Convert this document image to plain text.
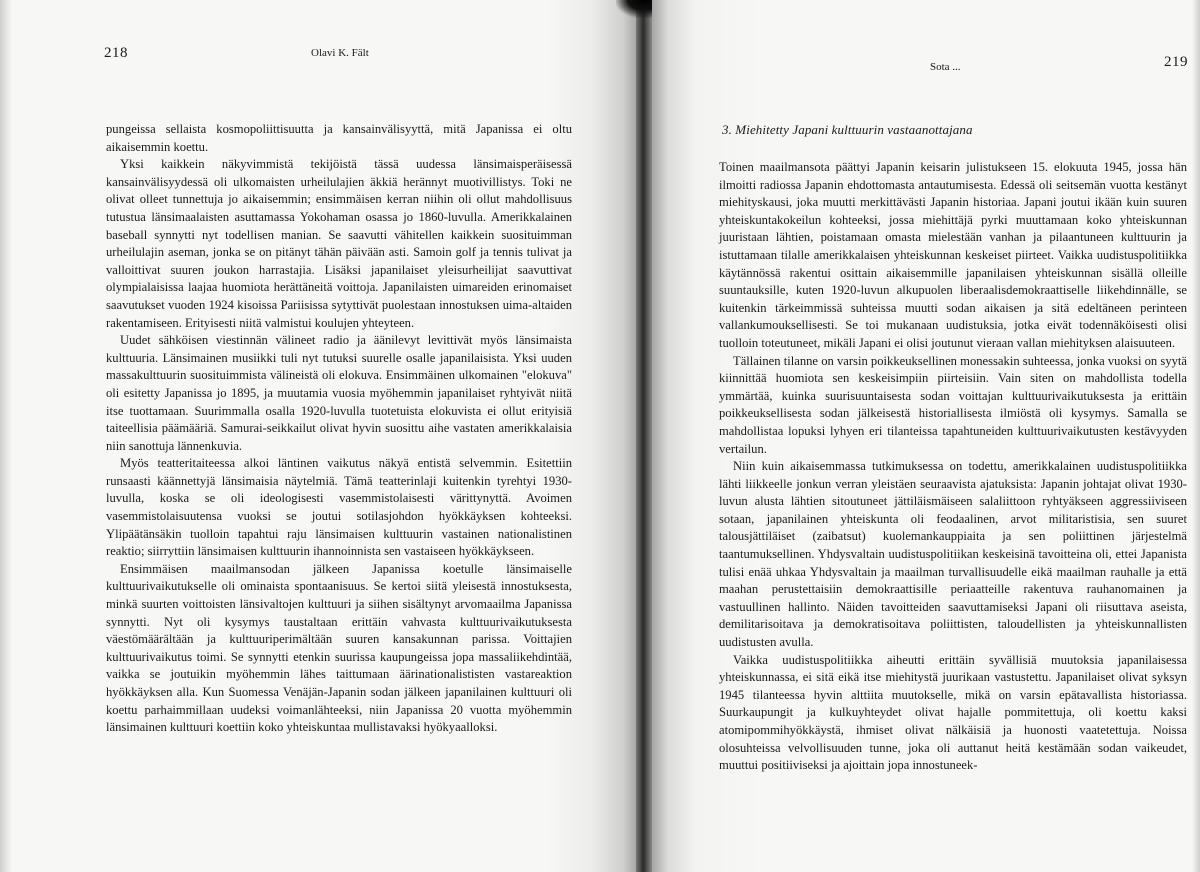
218	Olavi K. Fält

pungeissa sellaista kosmopoliittisuutta ja kansainvälisyyttä, mitä Japanissa ei oltu aikaisemmin koettu.

Yksi kaikkein näkyvimmistä tekijöistä tässä uudessa länsimaisperäisessä kansainvälisyydessä oli ulkomaisten urheilulajien äkkiä herännyt muotivillistys. Toki ne olivat olleet tunnettuja jo aikaisemmin; ensimmäisen kerran niihin oli ollut mahdollisuus tutustua länsimaalaisten asuttamassa Yokohaman osassa jo 1860-luvulla. Amerikkalainen baseball synnytti nyt todellisen manian. Se saavutti vähitellen kaikkein suosituimman urheilulajin aseman, jonka se on pitänyt tähän päivään asti. Samoin golf ja tennis tulivat ja valloittivat suuren joukon harrastajia. Lisäksi japanilaiset yleisurheilijat saavuttivat olympialaisissa laajaa huomiota herättäneitä voittoja. Japanilaisten uimareiden erinomaiset saavutukset vuoden 1924 kisoissa Pariisissa sytyttivät puolestaan innostuksen uima-altaiden rakentamiseen. Erityisesti niitä valmistui koulujen yhteyteen.

Uudet sähköisen viestinnän välineet radio ja äänilevyt levittivät myös länsimaista kulttuuria. Länsimainen musiikki tuli nyt tutuksi suurelle osalle japanilaisista. Yksi uuden massakulttuurin suosituimmista välineistä oli elokuva. Ensimmäinen ulkomainen "elokuva" oli esitetty Japanissa jo 1895, ja muutamia vuosia myöhemmin japanilaiset ryhtyivät niitä itse tuottamaan. Suurimmalla osalla 1920-luvulla tuotetuista elokuvista ei ollut erityisiä taiteellisia päämääriä. Samurai-seikkailut olivat hyvin suosittu aihe vastaten amerikkalaisia niin sanottuja lännenkuvia.

Myös teatteritaiteessa alkoi läntinen vaikutus näkyä entistä selvemmin. Esitettiin runsaasti käännettyjä länsimaisia näytelmiä. Tämä teatterinlaji kuitenkin tyrehtyi 1930-luvulla, koska se oli ideologisesti vasemmistolaisesti värittynyttä. Avoimen vasemmistolaisuutensa vuoksi se joutui sotilasjohdon hyökkäyksen kohteeksi. Ylipäätänsäkin tuolloin tapahtui raju länsimaisen kulttuurin vastainen nationalistinen reaktio; siirryttiin länsimaisen kulttuurin ihannoinnista sen vastaiseen hyökkäykseen.

Ensimmäisen maailmansodan jälkeen Japanissa koetulle länsimaiselle kulttuurivaikutukselle oli ominaista spontaanisuus. Se kertoi siitä yleisestä innostuksesta, minkä suurten voittoisten länsivaltojen kulttuuri ja siihen sisältynyt arvomaailma Japanissa synnytti. Nyt oli kysymys taustaltaan erittäin vahvasta kulttuurivaikutuksesta väestömäärältään ja kulttuuriperimältään suuren kansakunnan parissa. Voittajien kulttuurivaikutus toimi. Se synnytti etenkin suurissa kaupungeissa jopa massaliikehdintää, vaikka se joutuikin myöhemmin lähes taittumaan äärinationalististen vastareaktion hyökkäyksen alla. Kun Suomessa Venäjän-Japanin sodan jälkeen japanilainen kulttuuri oli koettu parhaimmillaan uudeksi voimanlähteeksi, niin Japanissa 20 vuotta myöhemmin länsimainen kulttuuri koettiin koko yhteiskuntaa mullistavaksi hyökyaalloksi.

Sota ...	219
3. Miehitetty Japani kulttuurin vastaanottajana

Toinen maailmansota päättyi Japanin keisarin julistukseen 15. elokuuta 1945, jossa hän ilmoitti radiossa Japanin ehdottomasta antautumisesta. Edessä oli seitsemän vuotta kestänyt miehityskausi, joka muutti merkittävästi Japanin historiaa. Japani joutui ikään kuin suuren yhteiskuntakokeilun kohteeksi, jossa miehittäjä pyrki muuttamaan koko yhteiskunnan juuristaan lähtien, poistamaan omasta mielestään vanhan ja pilaantuneen kulttuurin ja istuttamaan tilalle amerikkalaisen yhteiskunnan keskeiset piirteet. Vaikka uudistuspolitiikka käytännössä rakentui osittain aikaisemmille japanilaisen yhteiskunnan sisällä olleille suuntauksille, kuten 1920-luvun alkupuolen liberaalisdemokraattiselle liikehdinnälle, se kuitenkin tärkeimmissä suhteissa muutti sodan aikaisen ja sitä edeltäneen perinteen vallankumouksellisesti. Se toi mukanaan uudistuksia, jotka eivät todennäköisesti olisi tuolloin toteutuneet, mikäli Japani ei olisi joutunut vieraan vallan miehityksen alaisuuteen.

Tällainen tilanne on varsin poikkeuksellinen monessakin suhteessa, jonka vuoksi on syytä kiinnittää huomiota sen keskeisimpiin piirteisiin. Vain siten on mahdollista todella ymmärtää, kuinka suurisuuntaisesta sodan voittajan kulttuurivaikutuksesta ja erittäin poikkeuksellisesta sodan jälkeisestä historiallisesta ilmiöstä oli kysymys. Samalla se mahdollistaa lopuksi lyhyen eri tilanteissa tapahtuneiden kulttuurivaikutusten kestävyyden vertailun.

Niin kuin aikaisemmassa tutkimuksessa on todettu, amerikkalainen uudistuspolitiikka lähti liikkeelle jonkun verran yleistäen seuraavista ajatuksista: Japanin johtajat olivat 1930-luvun alusta lähtien sitoutuneet jättiläismäiseen salaliittoon ryhtyäkseen aggressiiviseen sotaan, japanilainen yhteiskunta oli feodaalinen, arvot militaristisia, sen suuret talousjättiläiset (zaibatsut) kuolemankauppiaita ja sen poliittinen järjestelmä taantumuksellinen. Yhdysvaltain uudistuspolitiikan keskeisinä tavoitteina oli, ettei Japanista tulisi enää uhkaa Yhdysvaltain ja maailman turvallisuudelle eikä maailman rauhalle ja että maahan perustettaisiin demokraattisille periaatteille rakentuva rauhanomainen ja vastuullinen hallinto. Näiden tavoitteiden saavuttamiseksi Japani oli riisuttava aseista, demilitarisoitava ja demokratisoitava poliittisten, taloudellisten ja yhteiskunnallisten uudistusten avulla.

Vaikka uudistuspolitiikka aiheutti erittäin syvällisiä muutoksia japanilaisessa yhteiskunnassa, ei sitä eikä itse miehitystä juurikaan vastustettu. Japanilaiset olivat syksyn 1945 tilanteessa hyvin alttiita muutokselle, mikä on varsin epätavallista historiassa. Suurkaupungit ja kulkuyhteydet olivat hajalle pommitettuja, oli koettu kaksi atomipommihyökkäystä, ihmiset olivat nälkäisiä ja huonosti vaatetettuja. Noissa olosuhteissa velvollisuuden tunne, joka oli auttanut heitä kestämään sodan vaikeudet, muuttui positiiviseksi ja ajoittain jopa innostuneek-
